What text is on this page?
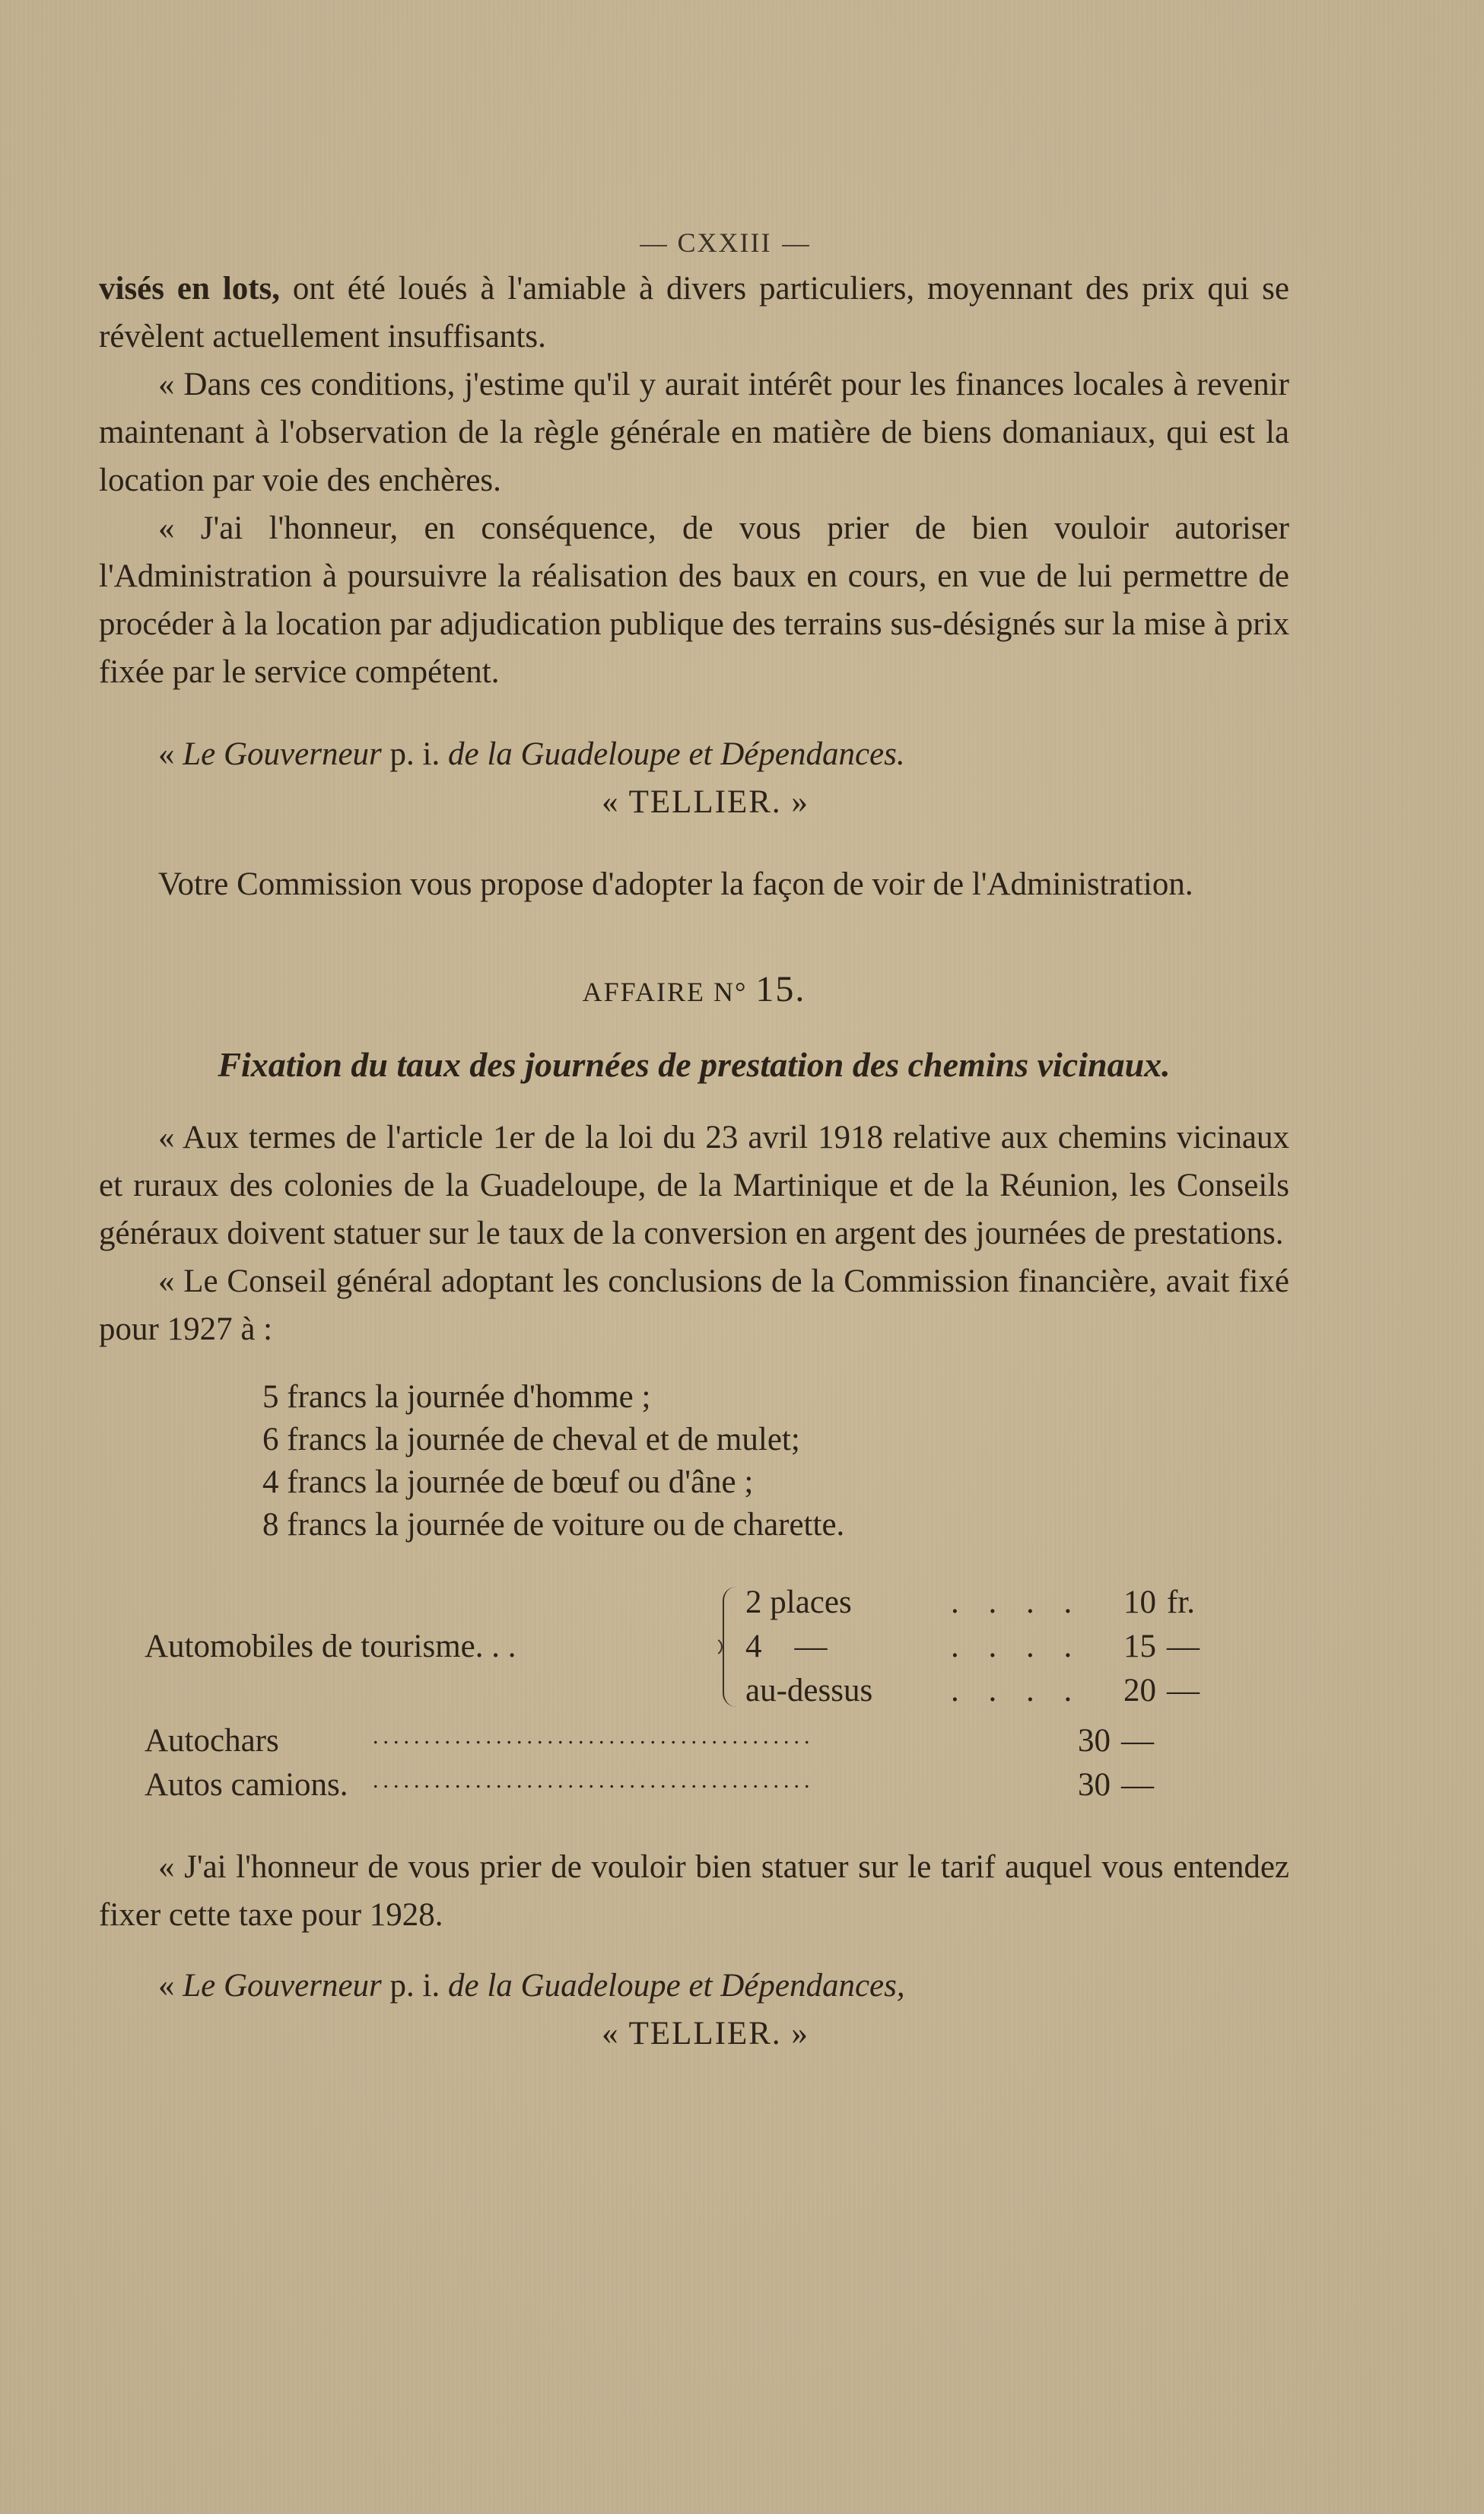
CXXIII

visés en lots, ont été loués à l'amiable à divers particuliers, moyennant des prix qui se révèlent actuellement insuffisants.

« Dans ces conditions, j'estime qu'il y aurait intérêt pour les finances locales à revenir maintenant à l'observation de la règle générale en matière de biens domaniaux, qui est la location par voie des enchères.

« J'ai l'honneur, en conséquence, de vous prier de bien vouloir autoriser l'Administration à poursuivre la réalisation des baux en cours, en vue de lui permettre de procéder à la location par adjudication publique des terrains sus-désignés sur la mise à prix fixée par le service compétent.

« Le Gouverneur p. i. de la Guadeloupe et Dépendances.
« TELLIER. »

Votre Commission vous propose d'adopter la façon de voir de l'Administration.

AFFAIRE N° 15.
Fixation du taux des journées de prestation des chemins vicinaux.

« Aux termes de l'article 1er de la loi du 23 avril 1918 relative aux chemins vicinaux et ruraux des colonies de la Guadeloupe, de la Martinique et de la Réunion, les Conseils généraux doivent statuer sur le taux de la conversion en argent des journées de prestations.

« Le Conseil général adoptant les conclusions de la Commission financière, avait fixé pour 1927 à :

5 francs la journée d'homme ;
6 francs la journée de cheval et de mulet;
4 francs la journée de bœuf ou d'âne ;
8 francs la journée de voiture ou de charette.
Automobiles de tourisme. . .
2 places	. . . . 10 fr.
4    —	. . . . 15 —
au-dessus . . . . 20 —
Autochars	...........................................	30 —
Autos camions. ...........................................	30 —

« J'ai l'honneur de vous prier de vouloir bien statuer sur le tarif auquel vous entendez fixer cette taxe pour 1928.

« Le Gouverneur p. i. de la Guadeloupe et Dépendances,
« TELLIER. »
